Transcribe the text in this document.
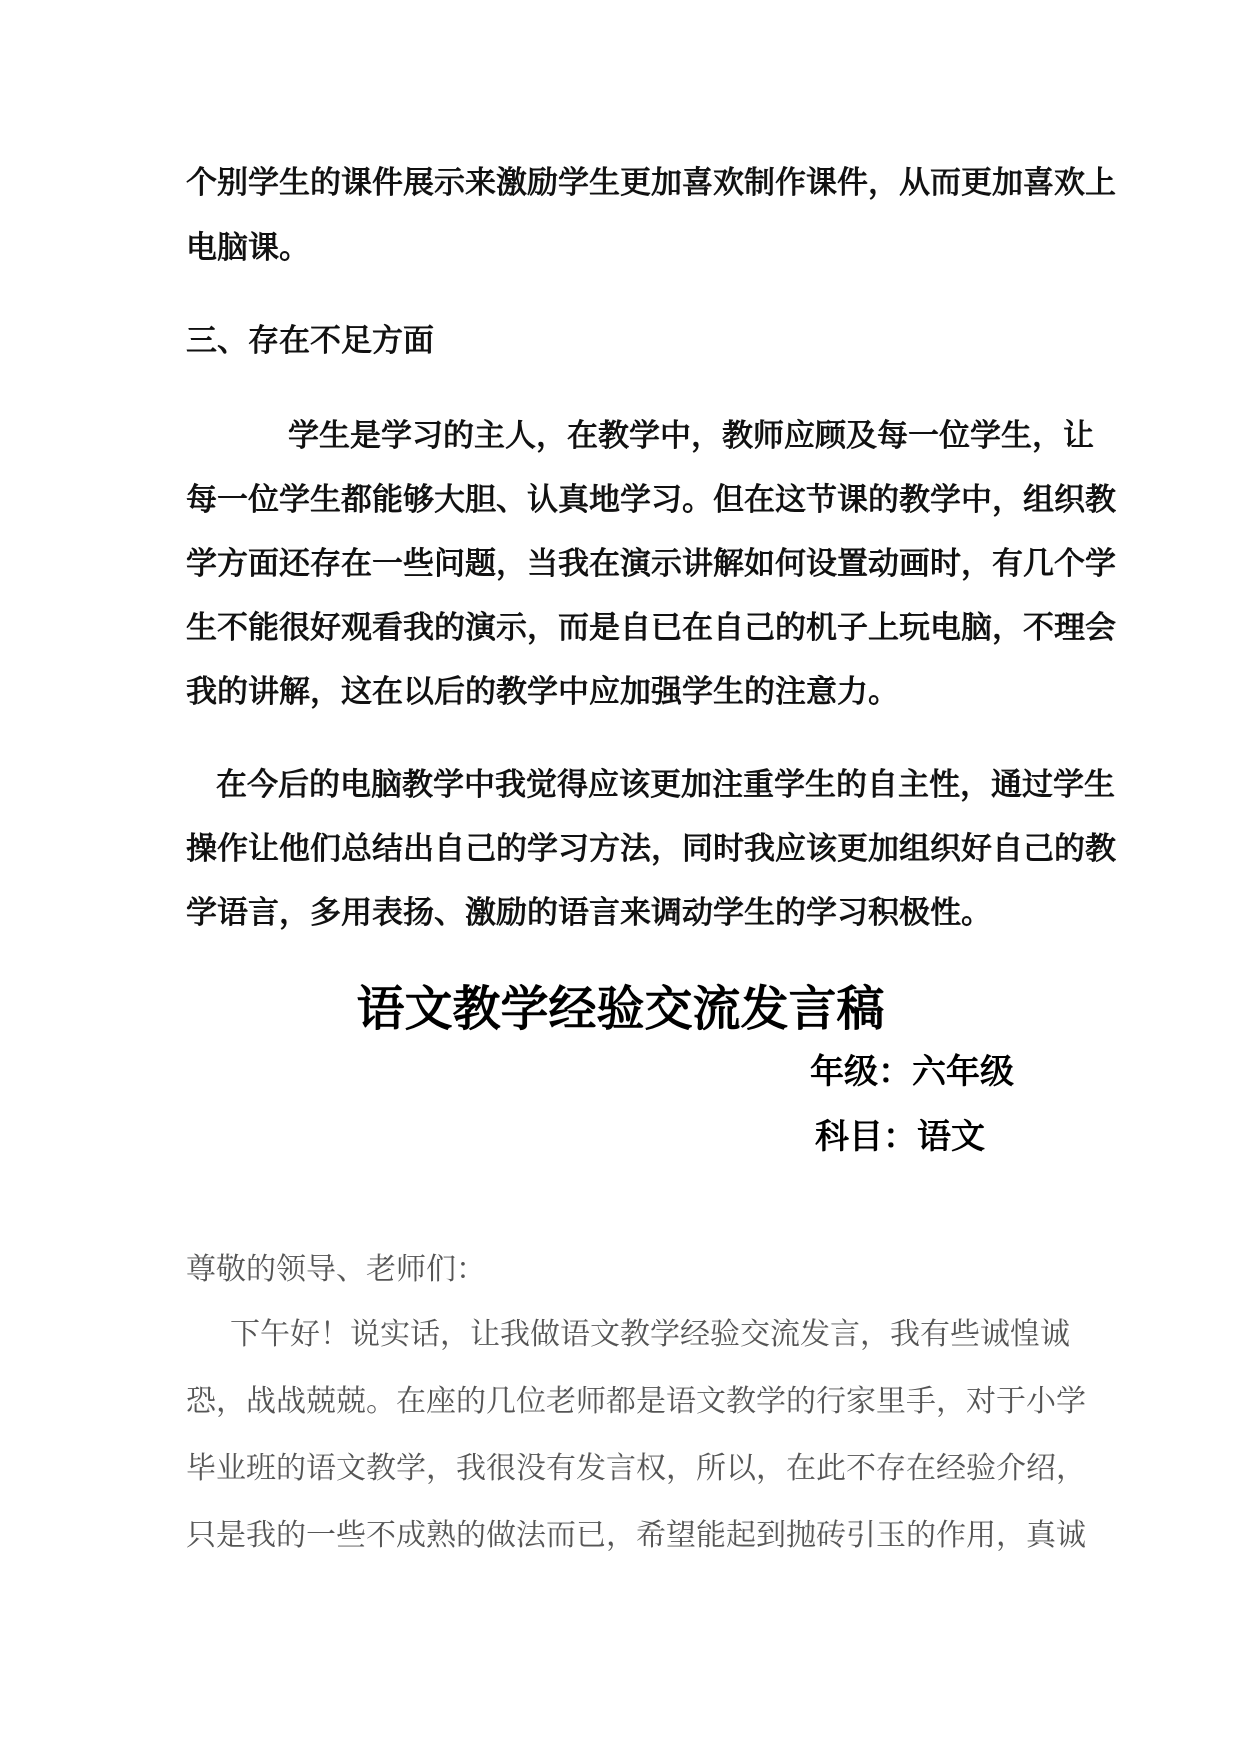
个别学生的课件展示来激励学生更加喜欢制作课件，从而更加喜欢上
电脑课。
三、存在不足方面
学生是学习的主人，在教学中，教师应顾及每一位学生，让
每一位学生都能够大胆、认真地学习。但在这节课的教学中，组织教
学方面还存在一些问题，当我在演示讲解如何设置动画时，有几个学
生不能很好观看我的演示，而是自已在自己的机子上玩电脑，不理会
我的讲解，这在以后的教学中应加强学生的注意力。
在今后的电脑教学中我觉得应该更加注重学生的自主性，通过学生
操作让他们总结出自己的学习方法，同时我应该更加组织好自己的教
学语言，多用表扬、激励的语言来调动学生的学习积极性。
语文教学经验交流发言稿
年级：六年级
科目：语文
尊敬的领导、老师们：
下午好！说实话，让我做语文教学经验交流发言，我有些诚惶诚
恐，战战兢兢。在座的几位老师都是语文教学的行家里手，对于小学
毕业班的语文教学，我很没有发言权，所以，在此不存在经验介绍，
只是我的一些不成熟的做法而已，希望能起到抛砖引玉的作用，真诚
